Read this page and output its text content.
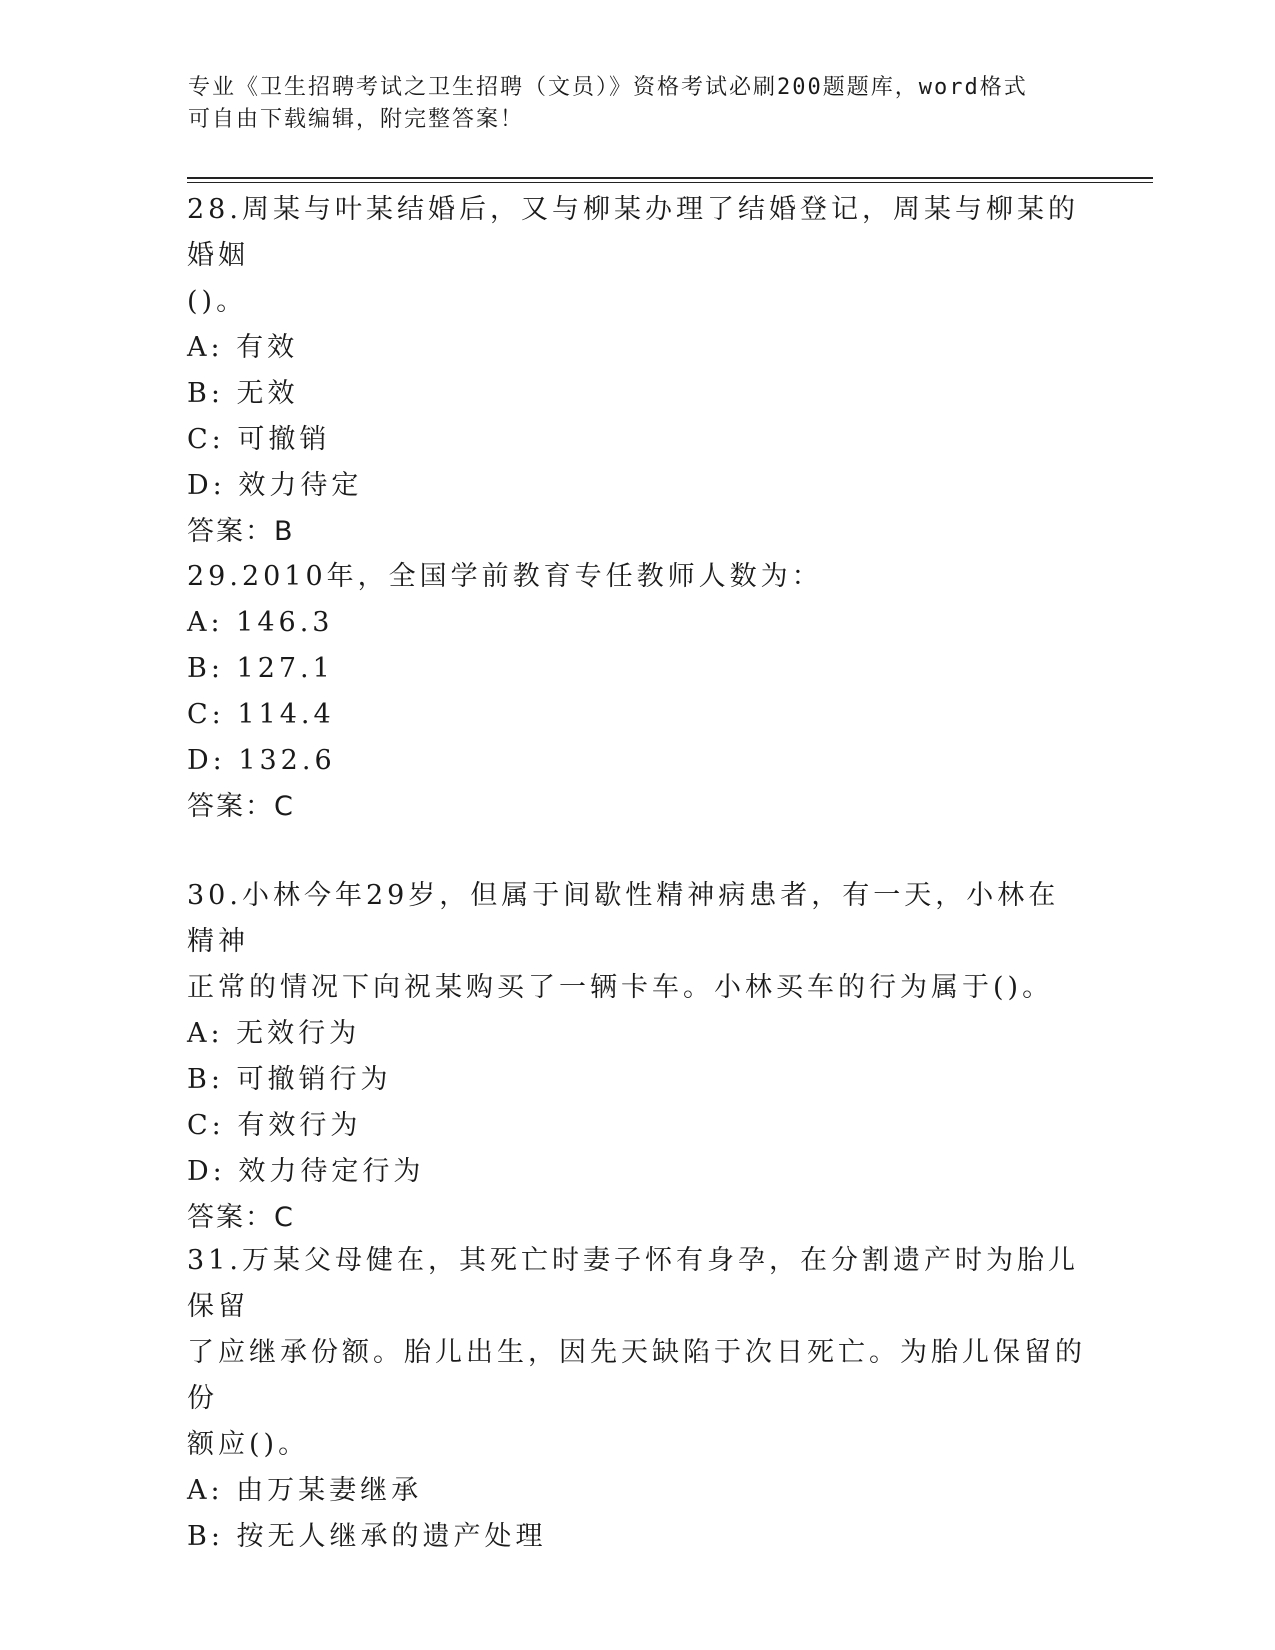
专业《卫生招聘考试之卫生招聘（文员）》资格考试必刷200题题库，word格式
可自由下载编辑，附完整答案！

28.周某与叶某结婚后，又与柳某办理了结婚登记，周某与柳某的婚姻

()。

A: 有效

B: 无效

C: 可撤销

D: 效力待定

答案：B

29.2010年，全国学前教育专任教师人数为：

A: 146.3

B: 127.1

C: 114.4

D: 132.6

答案：C

30.小林今年29岁，但属于间歇性精神病患者，有一天，小林在精神

正常的情况下向祝某购买了一辆卡车。小林买车的行为属于()。

A: 无效行为

B: 可撤销行为

C: 有效行为

D: 效力待定行为

答案：C

31.万某父母健在，其死亡时妻子怀有身孕，在分割遗产时为胎儿保留

了应继承份额。胎儿出生，因先天缺陷于次日死亡。为胎儿保留的份

额应()。

A: 由万某妻继承

B: 按无人继承的遗产处理
